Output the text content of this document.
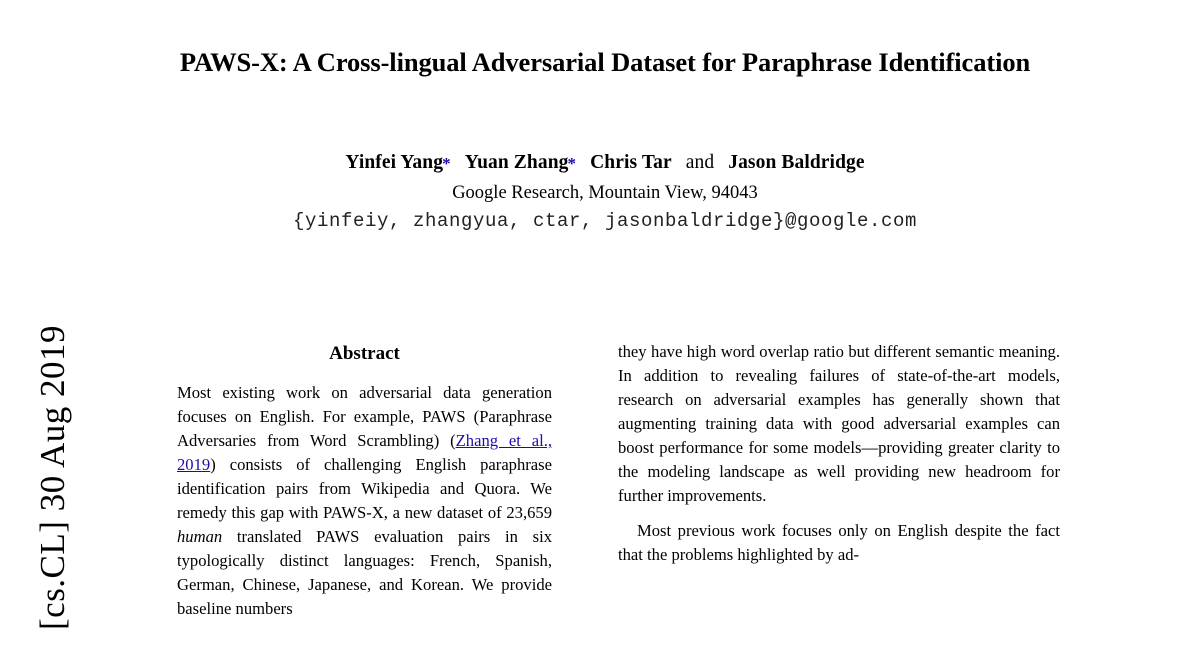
[cs.CL] 30 Aug 2019
PAWS-X: A Cross-lingual Adversarial Dataset for Paraphrase Identification
Yinfei Yang* Yuan Zhang* Chris Tar and Jason Baldridge
Google Research, Mountain View, 94043
{yinfeiy, zhangyua, ctar, jasonbaldridge}@google.com
Abstract

Most existing work on adversarial data generation focuses on English. For example, PAWS (Paraphrase Adversaries from Word Scrambling) (Zhang et al., 2019) consists of challenging English paraphrase identification pairs from Wikipedia and Quora. We remedy this gap with PAWS-X, a new dataset of 23,659 human translated PAWS evaluation pairs in six typologically distinct languages: French, Spanish, German, Chinese, Japanese, and Korean. We provide baseline numbers

they have high word overlap ratio but different semantic meaning. In addition to revealing failures of state-of-the-art models, research on adversarial examples has generally shown that augmenting training data with good adversarial examples can boost performance for some models—providing greater clarity to the modeling landscape as well providing new headroom for further improvements.

Most previous work focuses only on English despite the fact that the problems highlighted by ad-
